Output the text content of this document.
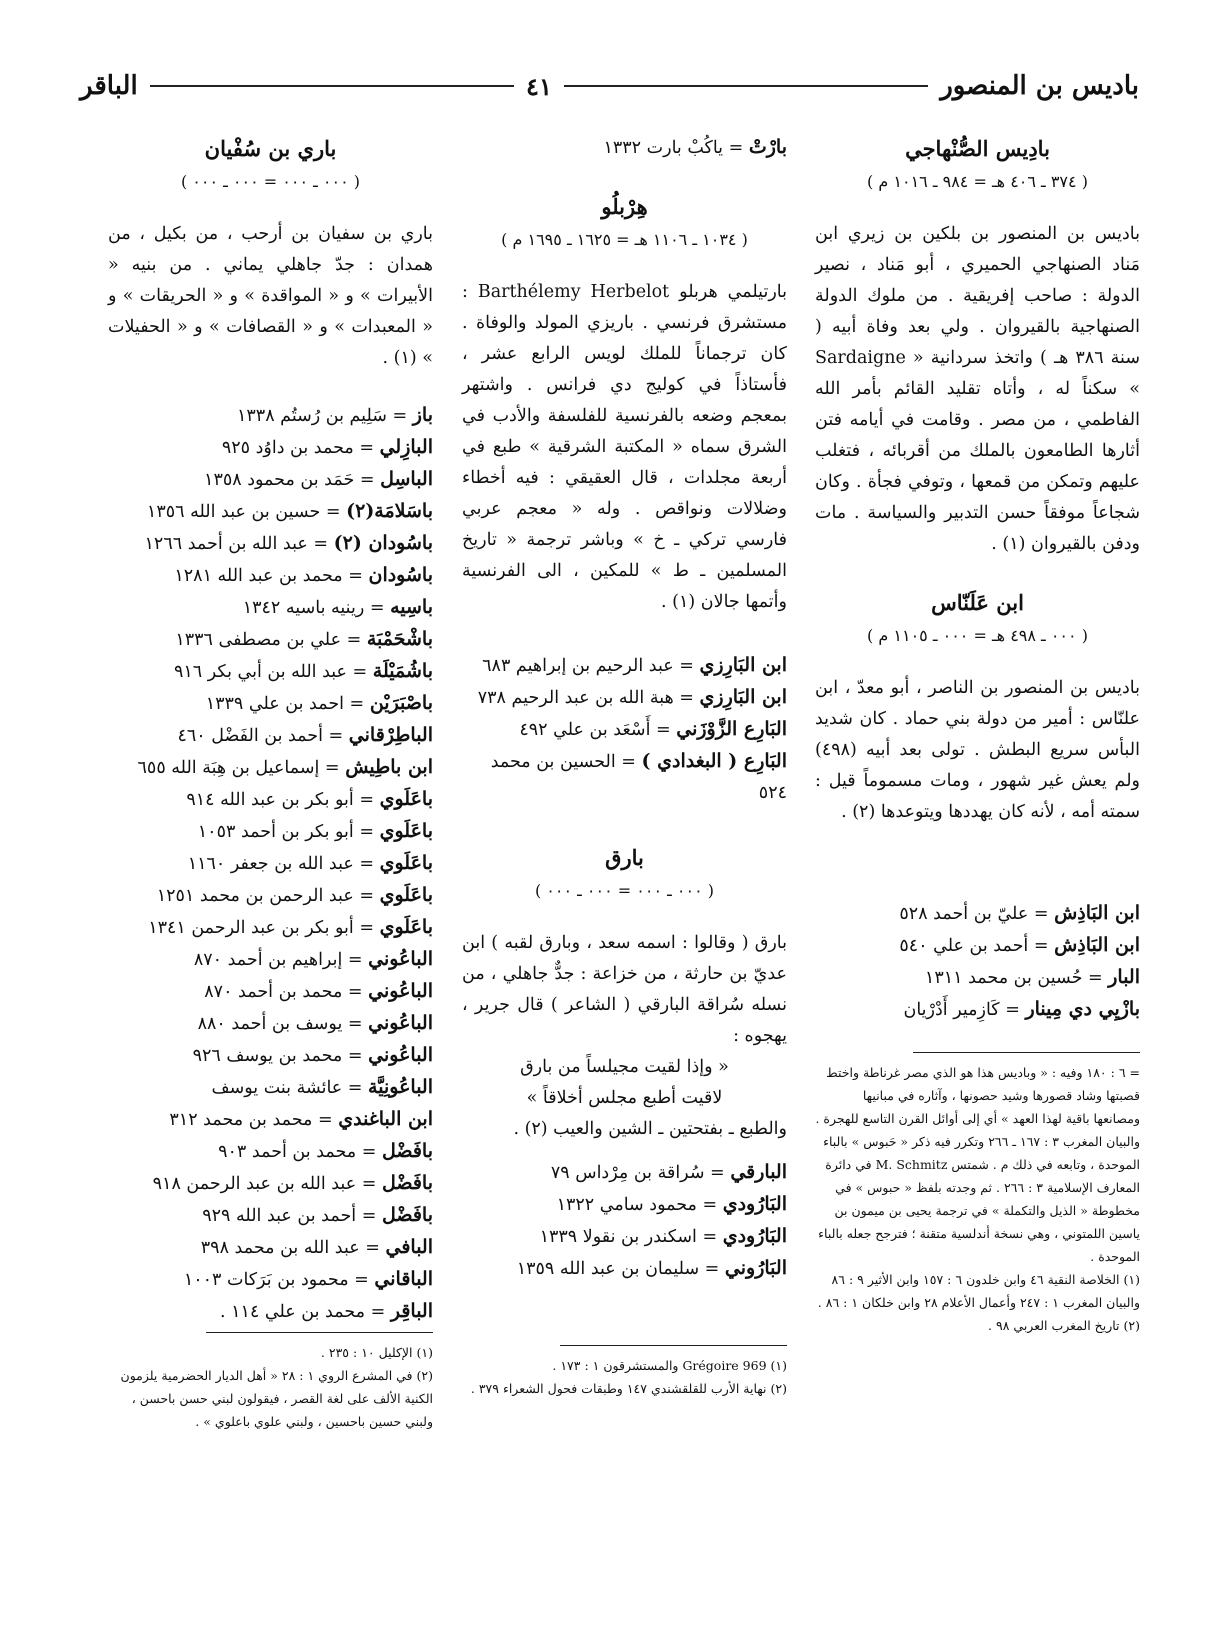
باديس بن المنصور
٤١
الباقر

بادِيس الصُّنْهاجي

( ٣٧٤ ـ ٤٠٦ هـ = ٩٨٤ ـ ١٠١٦ م )

باديس بن المنصور بن بلكين بن زيري ابن مَناد الصنهاجي الحميري ، أبو مَناد ، نصير الدولة : صاحب إفريقية . من ملوك الدولة الصنهاجية بالقيروان . ولي بعد وفاة أبيه ( سنة ٣٨٦ هـ ) واتخذ سردانية « Sardaigne » سكناً له ، وأتاه تقليد القائم بأمر الله الفاطمي ، من مصر . وقامت في أيامه فتن أثارها الطامعون بالملك من أقربائه ، فتغلب عليهم وتمكن من قمعها ، وتوفي فجأة . وكان شجاعاً موفقاً حسن التدبير والسياسة . مات ودفن بالقيروان (١) .

ابن عَلَنّاس

( ٠٠٠ ـ ٤٩٨ هـ = ٠٠٠ ـ ١١٠٥ م )

باديس بن المنصور بن الناصر ، أبو معدّ ، ابن علنّاس : أمير من دولة بني حماد . كان شديد البأس سريع البطش . تولى بعد أبيه (٤٩٨) ولم يعش غير شهور ، ومات مسموماً قيل : سمته أمه ، لأنه كان يهددها ويتوعدها (٢) .

ابن البَاذِش = عليّ بن أحمد ٥٢٨

ابن البَاذِش = أحمد بن علي ٥٤٠

البار = حُسين بن محمد ١٣١١

بازْيِي دي مِينار = كَازِمير أَدْرْيان

= ٦ : ١٨٠ وفيه : « وباديس هذا هو الذي مصر غرناطة واختط قصبتها وشاد قصورها وشيد حصونها ، وآثاره في مبانيها ومصانعها باقية لهذا العهد » أي إلى أوائل القرن التاسع للهجرة . والبيان المغرب ٣ : ١٦٧ ـ ٢٦٦ وتكرر فيه ذكر « حَبوس » بالباء الموحدة ، وتابعه في ذلك م . شمتس M. Schmitz في دائرة المعارف الإسلامية ٣ : ٢٦٦ . ثم وجدته بلفظ « حبوس » في مخطوطة « الذيل والتكملة » في ترجمة يحيى بن ميمون بن ياسين اللمتوني ، وهي نسخة أندلسية متقنة ؛ فترجح جعله بالباء الموحدة .

(١) الخلاصة النقية ٤٦ وابن خلدون ٦ : ١٥٧ وابن الأثير ٩ : ٨٦ والبيان المغرب ١ : ٢٤٧ وأعمال الأعلام ٢٨ وابن خلكان ١ : ٨٦ .

(٢) تاريخ المغرب العربي ٩٨ .

بارْتْ = ياكُبْ بارت ١٣٣٢

هِرْبلُو

( ١٠٣٤ ـ ١١٠٦ هـ = ١٦٢٥ ـ ١٦٩٥ م )

بارتيلمي هربلو Barthélemy Herbelot : مستشرق فرنسي . باريزي المولد والوفاة . كان ترجماناً للملك لويس الرابع عشر ، فأستاذاً في كوليج دي فرانس . واشتهر بمعجم وضعه بالفرنسية للفلسفة والأدب في الشرق سماه « المكتبة الشرقية » طبع في أربعة مجلدات ، قال العقيقي : فيه أخطاء وضلالات ونواقص . وله « معجم عربي فارسي تركي ـ خ » وباشر ترجمة « تاريخ المسلمين ـ ط » للمكين ، الى الفرنسية وأتمها جالان (١) .

ابن البَارِزي = عبد الرحيم بن إبراهيم ٦٨٣

ابن البَارِزي = هبة الله بن عبد الرحيم ٧٣٨

البَارِع الزَّوْزَني = أَسْعَد بن علي ٤٩٢

البَارِع ( البغدادي ) = الحسين بن محمد ٥٢٤

بارق

( ٠٠٠ ـ ٠٠٠ = ٠٠٠ ـ ٠٠٠ )

بارق ( وقالوا : اسمه سعد ، وبارق لقبه ) ابن عديّ بن حارثة ، من خزاعة : جدٌّ جاهلي ، من نسله سُراقة البارقي ( الشاعر ) قال جرير ، يهجوه :

« وإذا لقيت مجيلساً من بارق

لاقيت أطبع مجلس أخلاقاً »

والطبع ـ بفتحتين ـ الشين والعيب (٢) .

البارقي = سُراقة بن مِرْداس ٧٩

البَارُودي = محمود سامي ١٣٢٢

البَارُودي = اسكندر بن نقولا ١٣٣٩

البَارُوني = سليمان بن عبد الله ١٣٥٩

(١) Grégoire 969 والمستشرقون ١ : ١٧٣ .

(٢) نهاية الأرب للقلقشندي ١٤٧ وطبقات فحول الشعراء ٣٧٩ .

باري بن سُفْيان

( ٠٠٠ ـ ٠٠٠ = ٠٠٠ ـ ٠٠٠ )

باري بن سفيان بن أرحب ، من بكيل ، من همدان : جدّ جاهلي يماني . من بنيه « الأبيرات » و « المواقدة » و « الحريقات » و « المعبدات » و « القصافات » و « الحفيلات » (١) .

باز = سَلِيم بن رُستُم ١٣٣٨

البازِلي = محمد بن داوُد ٩٢٥

الباسِل = حَمَد بن محمود ١٣٥٨

باسَلامَة(٢) = حسين بن عبد الله ١٣٥٦

باسُودان (٢) = عبد الله بن أحمد ١٢٦٦

باسُودان = محمد بن عبد الله ١٢٨١

باسِيه = رينيه باسيه ١٣٤٢

باشْحَمْبَة = علي بن مصطفى ١٣٣٦

باشُمَيْلَة = عبد الله بن أبي بكر ٩١٦

باصْبَرَيْن = احمد بن علي ١٣٣٩

الباطِرْقاني = أحمد بن الفَضْل ٤٦٠

ابن باطِيش = إسماعيل بن هِبَة الله ٦٥٥

باعَلَوي = أبو بكر بن عبد الله ٩١٤

باعَلَوي = أبو بكر بن أحمد ١٠٥٣

باعَلَوي = عبد الله بن جعفر ١١٦٠

باعَلَوي = عبد الرحمن بن محمد ١٢٥١

باعَلَوي = أبو بكر بن عبد الرحمن ١٣٤١

الباعُوني = إبراهيم بن أحمد ٨٧٠

الباعُوني = محمد بن أحمد ٨٧٠

الباعُوني = يوسف بن أحمد ٨٨٠

الباعُوني = محمد بن يوسف ٩٢٦

الباعُونِيَّة = عائشة بنت يوسف

ابن الباغندي = محمد بن محمد ٣١٢

بافَضْل = محمد بن أحمد ٩٠٣

بافَضْل = عبد الله بن عبد الرحمن ٩١٨

بافَضْل = أحمد بن عبد الله ٩٢٩

البافي = عبد الله بن محمد ٣٩٨

الباقاني = محمود بن بَرَكات ١٠٠٣

الباقِر = محمد بن علي ١١٤ .

(١) الإكليل ١٠ : ٢٣٥ .

(٢) في المشرع الروي ١ : ٢٨ « أهل الديار الحضرمية يلزمون الكنية الألف على لغة القصر ، فيقولون لبني حسن باحسن ، ولبني حسين باحسين ، ولبني علوي باعلوي » .
